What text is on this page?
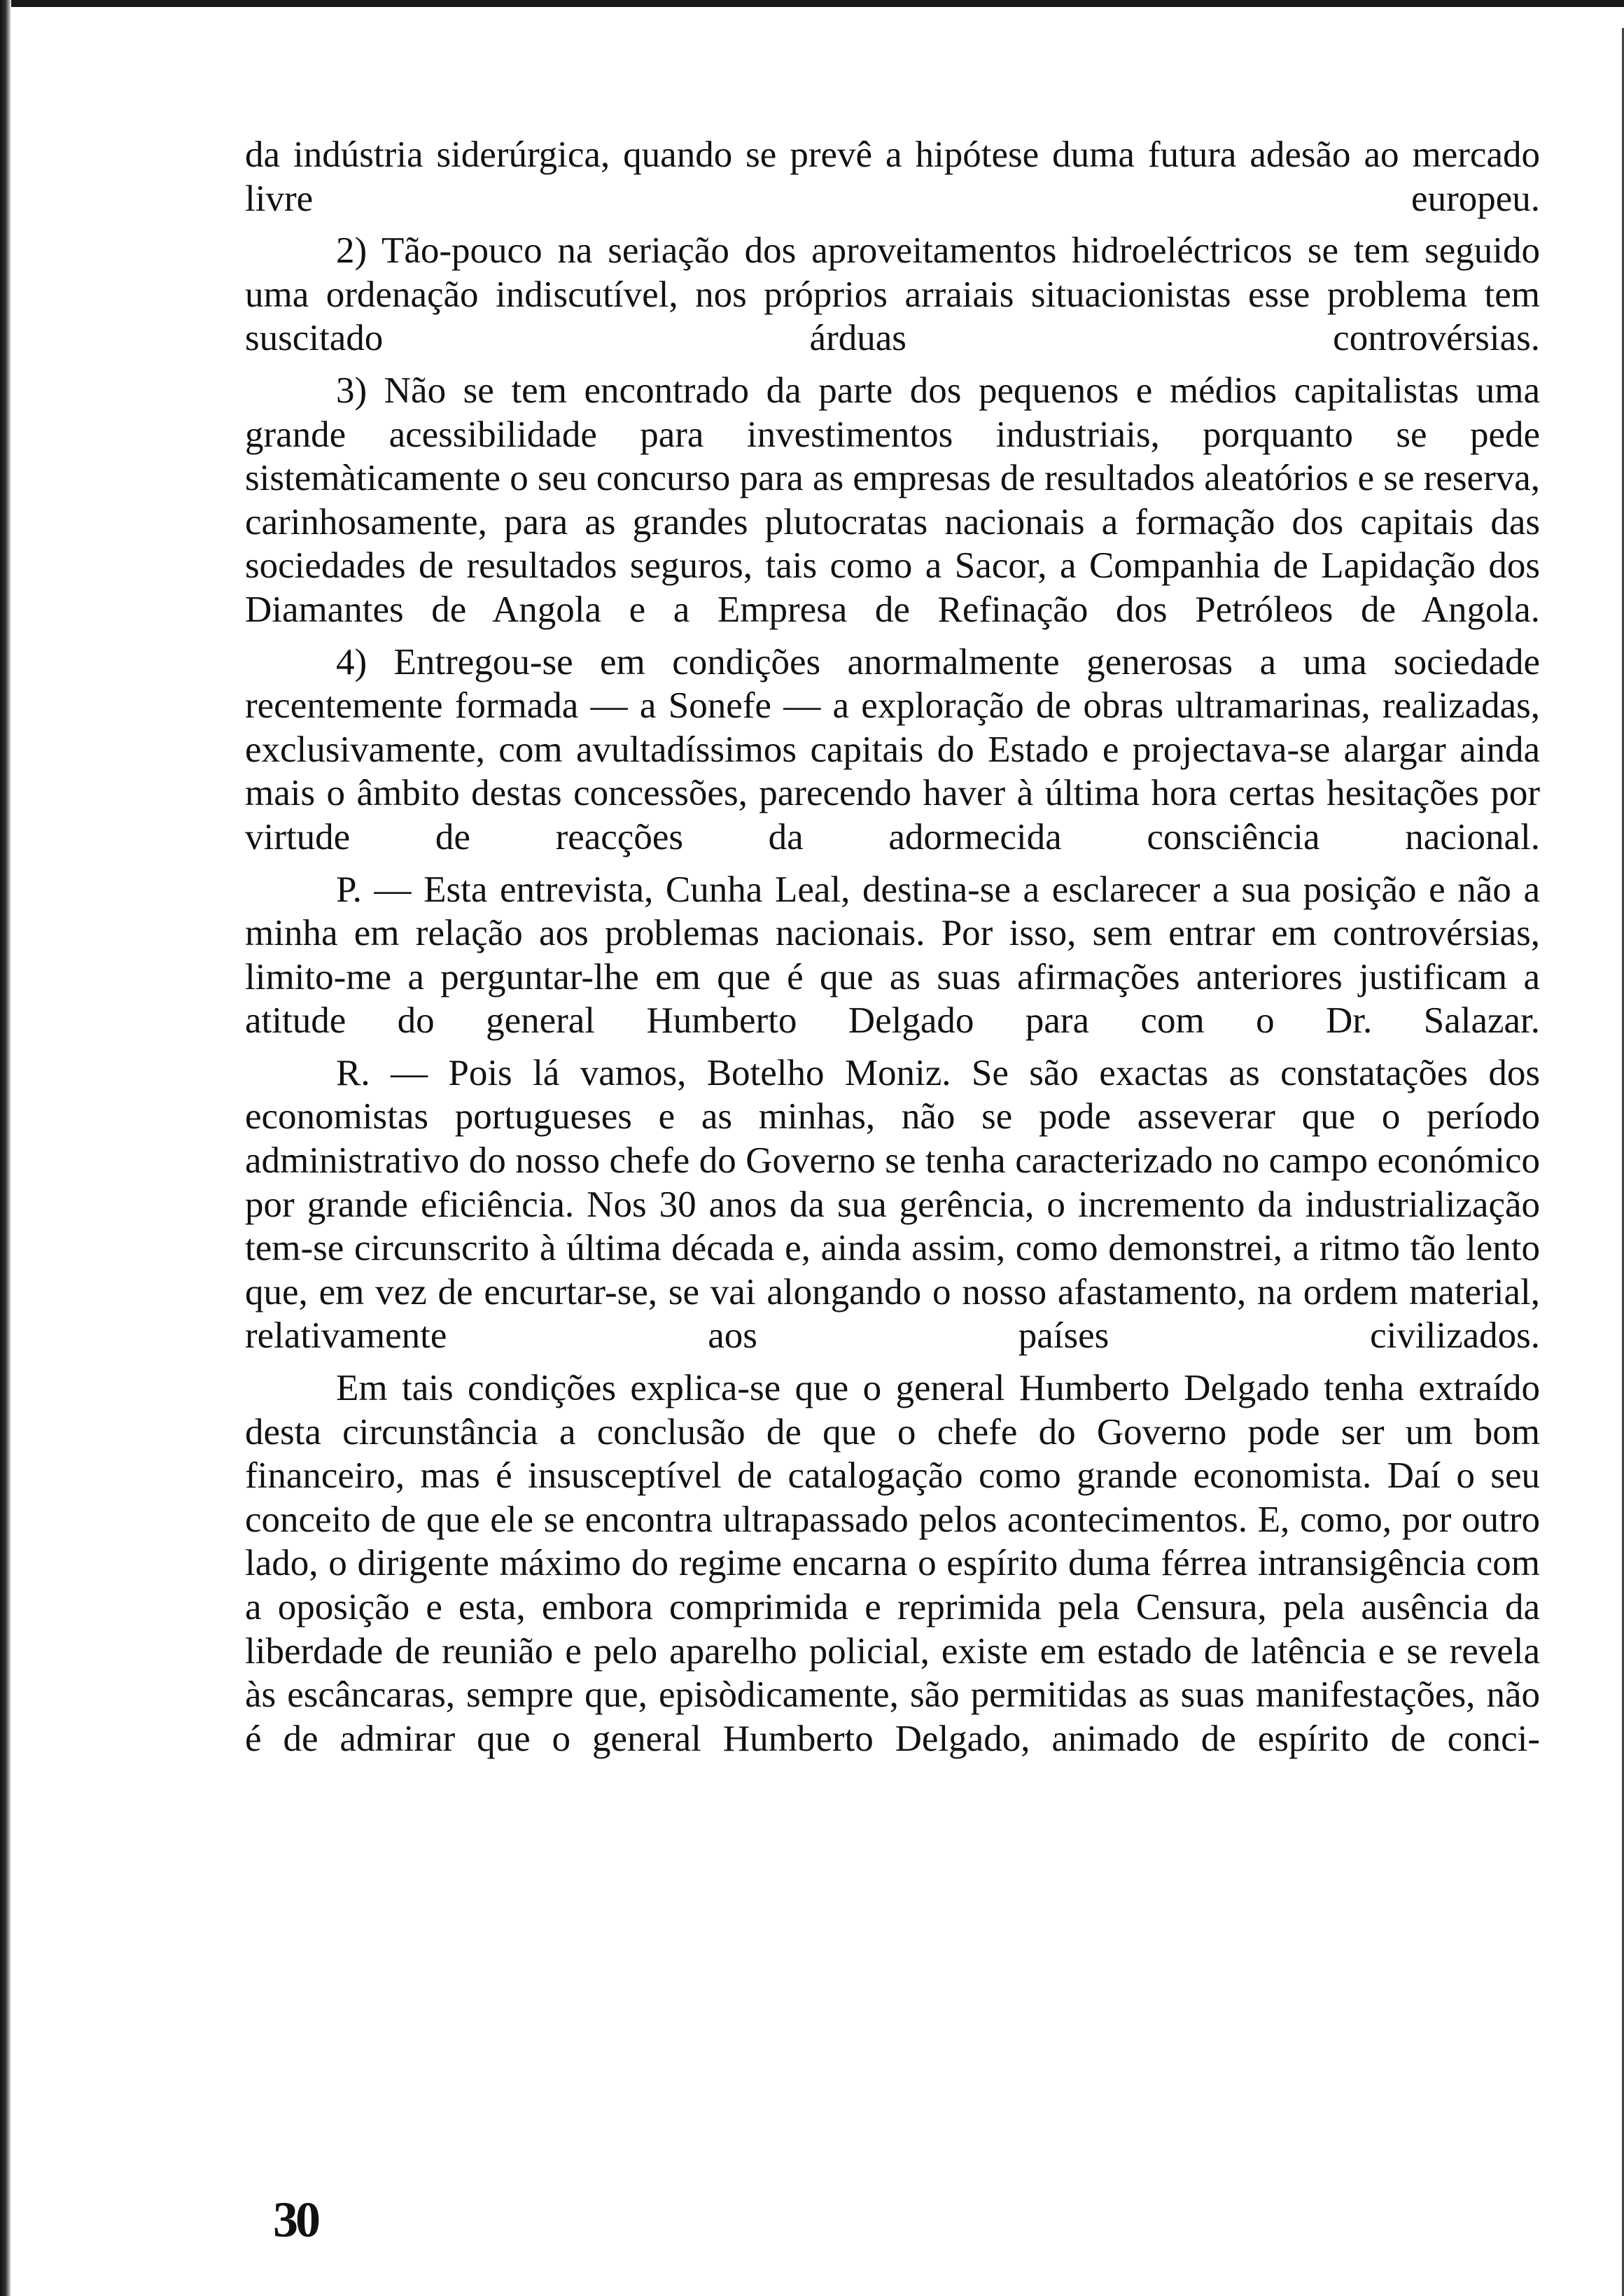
da indústria siderúrgica, quando se prevê a hipótese duma futura adesão ao mercado livre europeu.

2) Tão-pouco na seriação dos aproveitamentos hidroeléctricos se tem seguido uma ordenação indiscutível, nos próprios arraiais situacionistas esse problema tem suscitado árduas controvérsias.

3) Não se tem encontrado da parte dos pequenos e médios capitalistas uma grande acessibilidade para investimentos industriais, porquanto se pede sistemàticamente o seu concurso para as empresas de resultados aleatórios e se reserva, carinhosamente, para as grandes plutocratas nacionais a formação dos capitais das sociedades de resultados seguros, tais como a Sacor, a Companhia de Lapidação dos Diamantes de Angola e a Empresa de Refinação dos Petróleos de Angola.

4) Entregou-se em condições anormalmente generosas a uma sociedade recentemente formada — a Sonefe — a exploração de obras ultramarinas, realizadas, exclusivamente, com avultadíssimos capitais do Estado e projectava-se alargar ainda mais o âmbito destas concessões, parecendo haver à última hora certas hesitações por virtude de reacções da adormecida consciência nacional.

P. — Esta entrevista, Cunha Leal, destina-se a esclarecer a sua posição e não a minha em relação aos problemas nacionais. Por isso, sem entrar em controvérsias, limito-me a perguntar-lhe em que é que as suas afirmações anteriores justificam a atitude do general Humberto Delgado para com o Dr. Salazar.

R. — Pois lá vamos, Botelho Moniz. Se são exactas as constatações dos economistas portugueses e as minhas, não se pode asseverar que o período administrativo do nosso chefe do Governo se tenha caracterizado no campo económico por grande eficiência. Nos 30 anos da sua gerência, o incremento da industrialização tem-se circunscrito à última década e, ainda assim, como demonstrei, a ritmo tão lento que, em vez de encurtar-se, se vai alongando o nosso afastamento, na ordem material, relativamente aos países civilizados.

Em tais condições explica-se que o general Humberto Delgado tenha extraído desta circunstância a conclusão de que o chefe do Governo pode ser um bom financeiro, mas é insusceptível de catalogação como grande economista. Daí o seu conceito de que ele se encontra ultrapassado pelos acontecimentos. E, como, por outro lado, o dirigente máximo do regime encarna o espírito duma férrea intransigência com a oposição e esta, embora comprimida e reprimida pela Censura, pela ausência da liberdade de reunião e pelo aparelho policial, existe em estado de latência e se revela às escâncaras, sempre que, episòdicamente, são permitidas as suas manifestações, não é de admirar que o general Humberto Delgado, animado de espírito de conci-

30
